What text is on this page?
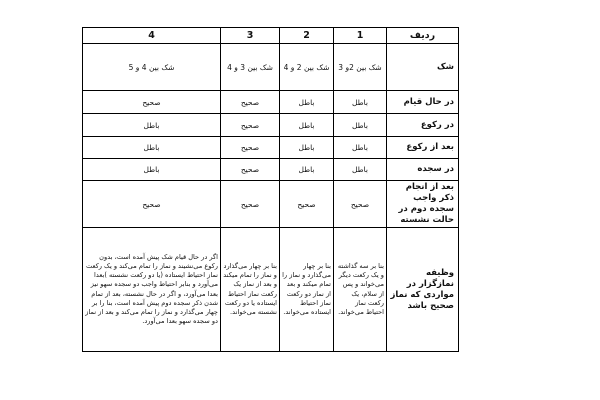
ردیف	1	2	3	4
شک	شک بین 2و 3	شک بین 2 و 4	شک بین 3 و 4	شک بین 4 و 5
در حال قیام	باطل	باطل	صحیح	صحیح
در رکوع	باطل	باطل	صحیح	باطل
بعد از رکوع	باطل	باطل	صحیح	باطل
در سجده	باطل	باطل	صحیح	باطل
بعد از انجام ذکر واجب سجده دوم در حالت نشسته	صحیح	صحیح	صحیح	صحیح
وظیفه نمازگزار در مواردی که نماز صحیح باشد	بنا بر سه گذاشته و یک رکعت دیگر می‌خواند و پس از سلام، یک رکعت نماز احتیاط می‌خواند.	بنا بر چهار می‌گذارد و نماز را تمام میکند و بعد از نماز دو رکعت نماز احتیاط ایستاده می‌خواند.	بنا بر چهار می‌گذارد و نماز را تمام میکند و بعد از نماز یک رکعت نماز احتیاط ایستاده یا دو رکعت نشسته می‌خواند.	اگر در حال قیام شک پیش آمده است، بدون رکوع می‌نشیند و نماز را تمام می‌کند و یک رکعت نماز احتیاط ایستاده (یا دو رکعت نشسته )بعدا می‌آورد و بنابر احتیاط واجب دو سجده سهو نیز بعدا می‌آورد، و اگر در حال نشسته، بعد از تمام شدن ذکر سجده دوم پیش آمده است، بنا را بر چهار می‌گذارد و نماز را تمام می‌کند و بعد از نماز دو سجده سهو بعدا می‌آورد.
